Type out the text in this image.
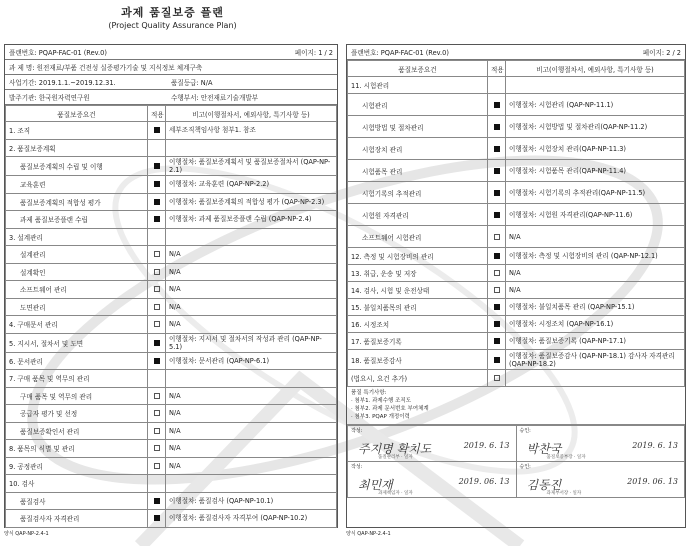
과제 품질보증 플랜
(Project Quality Assurance Plan)
플랜번호: PQAP-FAC-01 (Rev.0)	페이지: 1 / 2
과 제 명: 원전재료/부품 건전성 실증평가기술 및 지식정보 체계구축
사업기간: 2019.1.1.~2019.12.31.	품질등급: N/A
발주기관: 한국원자력연구원	수행부서: 안전재료기술개발부
품질보증요건	적용	비고(이행절차서, 예외사항, 특기사항 등)
1. 조직		세부조직책임사항 첨부1. 참조
2. 품질보증계획		
품질보증계획의 수립 및 이행		이행절차: 품질보증계획서 및 품질보증절차서 (QAP-NP-2.1)
교육훈련		이행절차: 교육훈련 (QAP-NP-2.2)
품질보증계획의 적합성 평가		이행절차: 품질보증계획의 적합성 평가 (QAP-NP-2.3)
과제 품질보증플랜 수립		이행절차: 과제 품질보증플랜 수립 (QAP-NP-2.4)
3. 설계관리		
설계관리		N/A
설계확인		N/A
소프트웨어 관리		N/A
도면관리		N/A
4. 구매문서 관리		N/A
5. 지시서, 절차서 및 도면		이행절차: 지시서 및 절차서의 작성과 관리 (QAP-NP-5.1)
6. 문서관리		이행절차: 문서관리 (QAP-NP-6.1)
7. 구매 품목 및 역무의 관리		
구매 품목 및 역무의 관리		N/A
공급자 평가 및 선정		N/A
품질보증확인서 관리		N/A
8. 품목의 식별 및 관리		N/A
9. 공정관리		N/A
10. 검사		
품질검사		이행절차: 품질검사 (QAP-NP-10.1)
품질검사자 자격관리		이행절차: 품질검사자 자격부여 (QAP-NP-10.2)
양식 QAP-NP-2.4-1
플랜번호: PQAP-FAC-01 (Rev.0)	페이지: 2 / 2
품질보증요건	적용	비고(이행절차서, 예외사항, 특기사항 등)
11. 시험관리		
시험관리		이행절차: 시험관리 (QAP-NP-11.1)
시험방법 및 절차관리		이행절차: 시험방법 및 절차관리(QAP-NP-11.2)
시험장치 관리		이행절차: 시험장치 관리(QAP-NP-11.3)
시험품목 관리		이행절차: 시험품목 관리(QAP-NP-11.4)
시험기록의 추적관리		이행절차: 시험기록의 추적관리(QAP-NP-11.5)
시험원 자격관리		이행절차: 시험원 자격관리(QAP-NP-11.6)
소프트웨어 시험관리		N/A
12. 측정 및 시험장비의 관리		이행절차: 측정 및 시험장비의 관리 (QAP-NP-12.1)
13. 취급, 운송 및 저장		N/A
14. 검사, 시험 및 운전상태		N/A
15. 불일치품목의 관리		이행절차: 불일치품목 관리 (QAP-NP-15.1)
16. 시정조치		이행절차: 시정조치 (QAP-NP-16.1)
17. 품질보증기록		이행절차: 품질보증기록 (QAP-NP-17.1)
18. 품질보증감사		이행절차: 품질보증감사 (QAP-NP-18.1) 감사자 자격관리 (QAP-NP-18.2)
(법요시, 요건 추가)		
품질 특기사항:
· 첨부1. 과제수행 조직도
· 첨부2. 과제 문서번호 부여체계
· 첨부3. PQAP 개정이력
작성:
주지명 확치도 2019. 6. 13
품질관리부 · 일자	승인:
박찬국 2019. 6. 13
품질보증부장 · 일자

작성:
최민재 2019. 06. 13
과제책임자 · 일자	승인:
김동진 2019. 06. 13
과제부서장 · 일자
양식 QAP-NP-2.4-1
